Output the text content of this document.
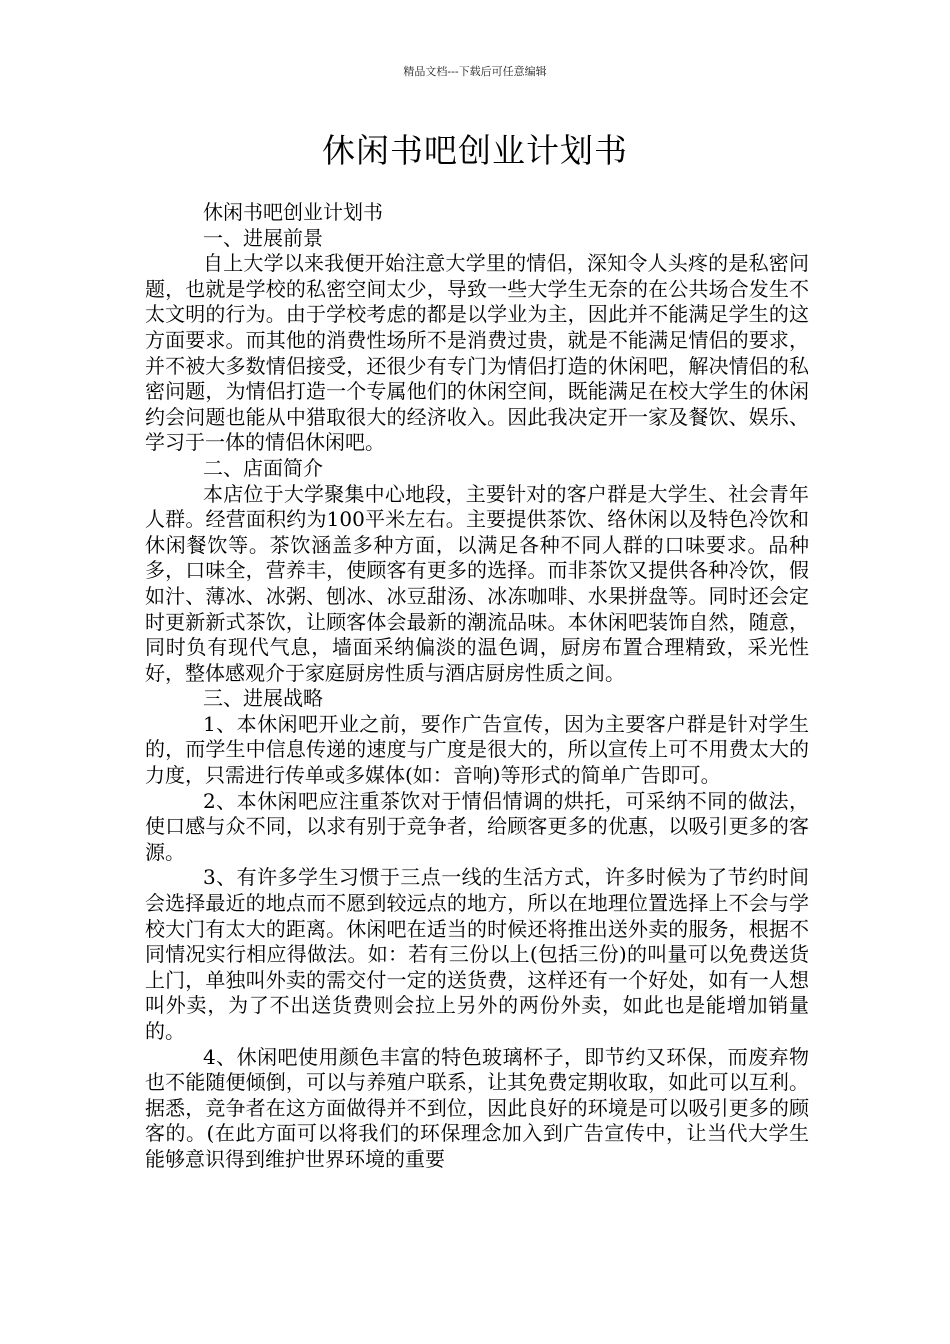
精品文档---下载后可任意编辑
休闲书吧创业计划书

休闲书吧创业计划书

一、进展前景

自上大学以来我便开始注意大学里的情侣，深知令人头疼的是私密问题，也就是学校的私密空间太少，导致一些大学生无奈的在公共场合发生不太文明的行为。由于学校考虑的都是以学业为主，因此并不能满足学生的这方面要求。而其他的消费性场所不是消费过贵，就是不能满足情侣的要求，并不被大多数情侣接受，还很少有专门为情侣打造的休闲吧，解决情侣的私密问题，为情侣打造一个专属他们的休闲空间，既能满足在校大学生的休闲约会问题也能从中猎取很大的经济收入。因此我决定开一家及餐饮、娱乐、学习于一体的情侣休闲吧。

二、店面简介

本店位于大学聚集中心地段，主要针对的客户群是大学生、社会青年人群。经营面积约为100平米左右。主要提供茶饮、络休闲以及特色冷饮和休闲餐饮等。茶饮涵盖多种方面，以满足各种不同人群的口味要求。品种多，口味全，营养丰，使顾客有更多的选择。而非茶饮又提供各种冷饮，假如汁、薄冰、冰粥、刨冰、冰豆甜汤、冰冻咖啡、水果拼盘等。同时还会定时更新新式茶饮，让顾客体会最新的潮流品味。本休闲吧装饰自然，随意，同时负有现代气息，墙面采纳偏淡的温色调，厨房布置合理精致，采光性好，整体感观介于家庭厨房性质与酒店厨房性质之间。

三、进展战略

1、本休闲吧开业之前，要作广告宣传，因为主要客户群是针对学生的，而学生中信息传递的速度与广度是很大的，所以宣传上可不用费太大的力度，只需进行传单或多媒体(如：音响)等形式的简单广告即可。

2、本休闲吧应注重茶饮对于情侣情调的烘托，可采纳不同的做法，使口感与众不同，以求有别于竞争者，给顾客更多的优惠，以吸引更多的客源。

3、有许多学生习惯于三点一线的生活方式，许多时候为了节约时间会选择最近的地点而不愿到较远点的地方，所以在地理位置选择上不会与学校大门有太大的距离。休闲吧在适当的时候还将推出送外卖的服务，根据不同情况实行相应得做法。如：若有三份以上(包括三份)的叫量可以免费送货上门，单独叫外卖的需交付一定的送货费，这样还有一个好处，如有一人想叫外卖，为了不出送货费则会拉上另外的两份外卖，如此也是能增加销量的。

4、休闲吧使用颜色丰富的特色玻璃杯子，即节约又环保，而废弃物也不能随便倾倒，可以与养殖户联系，让其免费定期收取，如此可以互利。据悉，竞争者在这方面做得并不到位，因此良好的环境是可以吸引更多的顾客的。(在此方面可以将我们的环保理念加入到广告宣传中，让当代大学生能够意识得到维护世界环境的重要
